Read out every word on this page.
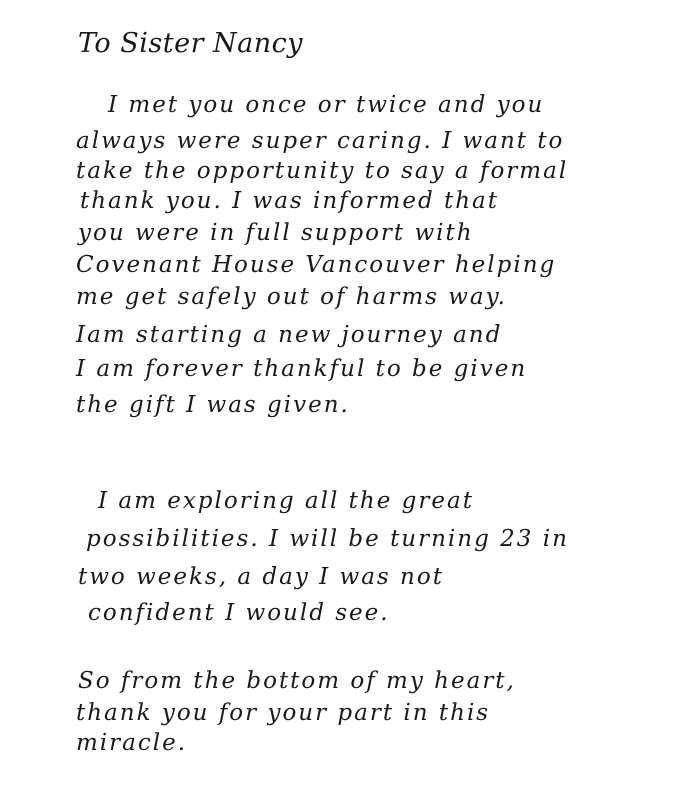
To Sister Nancy
I met you once or twice and you
always were super caring. I want to
take the opportunity to say a formal
thank you. I was informed that
you were in full support with
Covenant House Vancouver helping
me get safely out of harms way.
Iam starting a new journey and
I am forever thankful to be given
the gift I was given.
I am exploring all the great
possibilities. I will be turning 23 in
two weeks, a day I was not
confident I would see.
So from the bottom of my heart,
thank you for your part in this
miracle.
